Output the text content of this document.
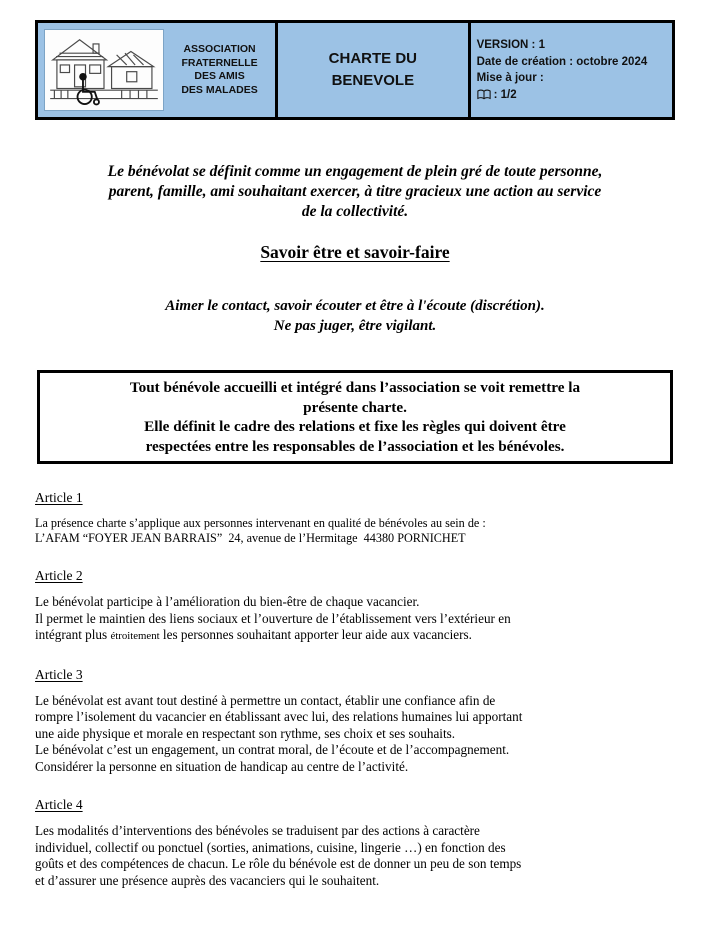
ASSOCIATION
FRATERNELLE
DES AMIS
DES MALADES

CHARTE DU
BENEVOLE

VERSION : 1
Date de création : octobre 2024
Mise à jour :
: 1/2

Le bénévolat se définit comme un engagement de plein gré de toute personne,
parent, famille, ami souhaitant exercer, à titre gracieux une action au service
de la collectivité.

Savoir être et savoir-faire

Aimer le contact, savoir écouter et être à l'écoute (discrétion).
Ne pas juger, être vigilant.

Tout bénévole accueilli et intégré dans l’association se voit remettre la
présente charte.
Elle définit le cadre des relations et fixe les règles qui doivent être
respectées entre les responsables de l’association et les bénévoles.
Article 1

La présence charte s’applique aux personnes intervenant en qualité de bénévoles au sein de :
L’AFAM “FOYER JEAN BARRAIS”  24, avenue de l’Hermitage  44380 PORNICHET

Article 2

Le bénévolat participe à l’amélioration du bien-être de chaque vacancier.
Il permet le maintien des liens sociaux et l’ouverture de l’établissement vers l’extérieur en
intégrant plus étroitement les personnes souhaitant apporter leur aide aux vacanciers.

Article 3

Le bénévolat est avant tout destiné à permettre un contact, établir une confiance afin de
rompre l’isolement du vacancier en établissant avec lui, des relations humaines lui apportant
une aide physique et morale en respectant son rythme, ses choix et ses souhaits.
Le bénévolat c’est un engagement, un contrat moral, de l’écoute et de l’accompagnement.
Considérer la personne en situation de handicap au centre de l’activité.

Article 4

Les modalités d’interventions des bénévoles se traduisent par des actions à caractère
individuel, collectif ou ponctuel (sorties, animations, cuisine, lingerie …) en fonction des
goûts et des compétences de chacun. Le rôle du bénévole est de donner un peu de son temps
et d’assurer une présence auprès des vacanciers qui le souhaitent.
